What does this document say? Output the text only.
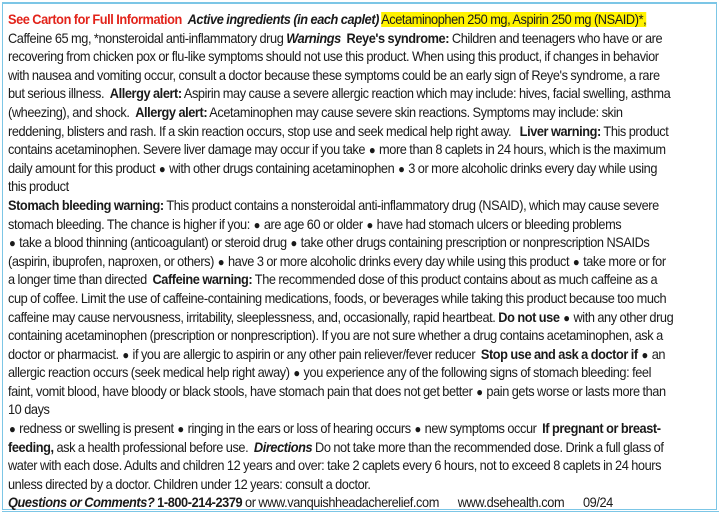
See Carton for Full Information Active ingredients (in each caplet) Acetaminophen 250 mg, Aspirin 250 mg (NSAID)*, Caffeine 65 mg, *nonsteroidal anti-inflammatory drug Warnings Reye's syndrome: Children and teenagers who have or are recovering from chicken pox or flu-like symptoms should not use this product. When using this product, if changes in behavior with nausea and vomiting occur, consult a doctor because these symptoms could be an early sign of Reye's syndrome, a rare but serious illness.  Allergy alert: Aspirin may cause a severe allergic reaction which may include: hives, facial swelling, asthma (wheezing), and shock.  Allergy alert: Acetaminophen may cause severe skin reactions. Symptoms may include: skin reddening, blisters and rash. If a skin reaction occurs, stop use and seek medical help right away.   Liver warning: This product contains acetaminophen. Severe liver damage may occur if you take ● more than 8 caplets in 24 hours, which is the maximum daily amount for this product ● with other drugs containing acetaminophen ● 3 or more alcoholic drinks every day while using this product
Stomach bleeding warning: This product contains a nonsteroidal anti-inflammatory drug (NSAID), which may cause severe stomach bleeding. The chance is higher if you: ● are age 60 or older ● have had stomach ulcers or bleeding problems
● take a blood thinning (anticoagulant) or steroid drug ● take other drugs containing prescription or nonprescription NSAIDs (aspirin, ibuprofen, naproxen, or others) ● have 3 or more alcoholic drinks every day while using this product ● take more or for a longer time than directed  Caffeine warning: The recommended dose of this product contains about as much caffeine as a cup of coffee. Limit the use of caffeine-containing medications, foods, or beverages while taking this product because too much caffeine may cause nervousness, irritability, sleeplessness, and, occasionally, rapid heartbeat. Do not use ● with any other drug containing acetaminophen (prescription or nonprescription). If you are not sure whether a drug contains acetaminophen, ask a doctor or pharmacist. ● if you are allergic to aspirin or any other pain reliever/fever reducer  Stop use and ask a doctor if ● an allergic reaction occurs (seek medical help right away) ● you experience any of the following signs of stomach bleeding: feel faint, vomit blood, have bloody or black stools, have stomach pain that does not get better ● pain gets worse or lasts more than 10 days
● redness or swelling is present ● ringing in the ears or loss of hearing occurs ● new symptoms occur  If pregnant or breast-feeding, ask a health professional before use.  Directions Do not take more than the recommended dose. Drink a full glass of water with each dose. Adults and children 12 years and over: take 2 caplets every 6 hours, not to exceed 8 caplets in 24 hours unless directed by a doctor. Children under 12 years: consult a doctor.

Questions or Comments? 1-800-214-2379 or www.vanquishheadacherelief.com www.dsehealth.com 09/24
